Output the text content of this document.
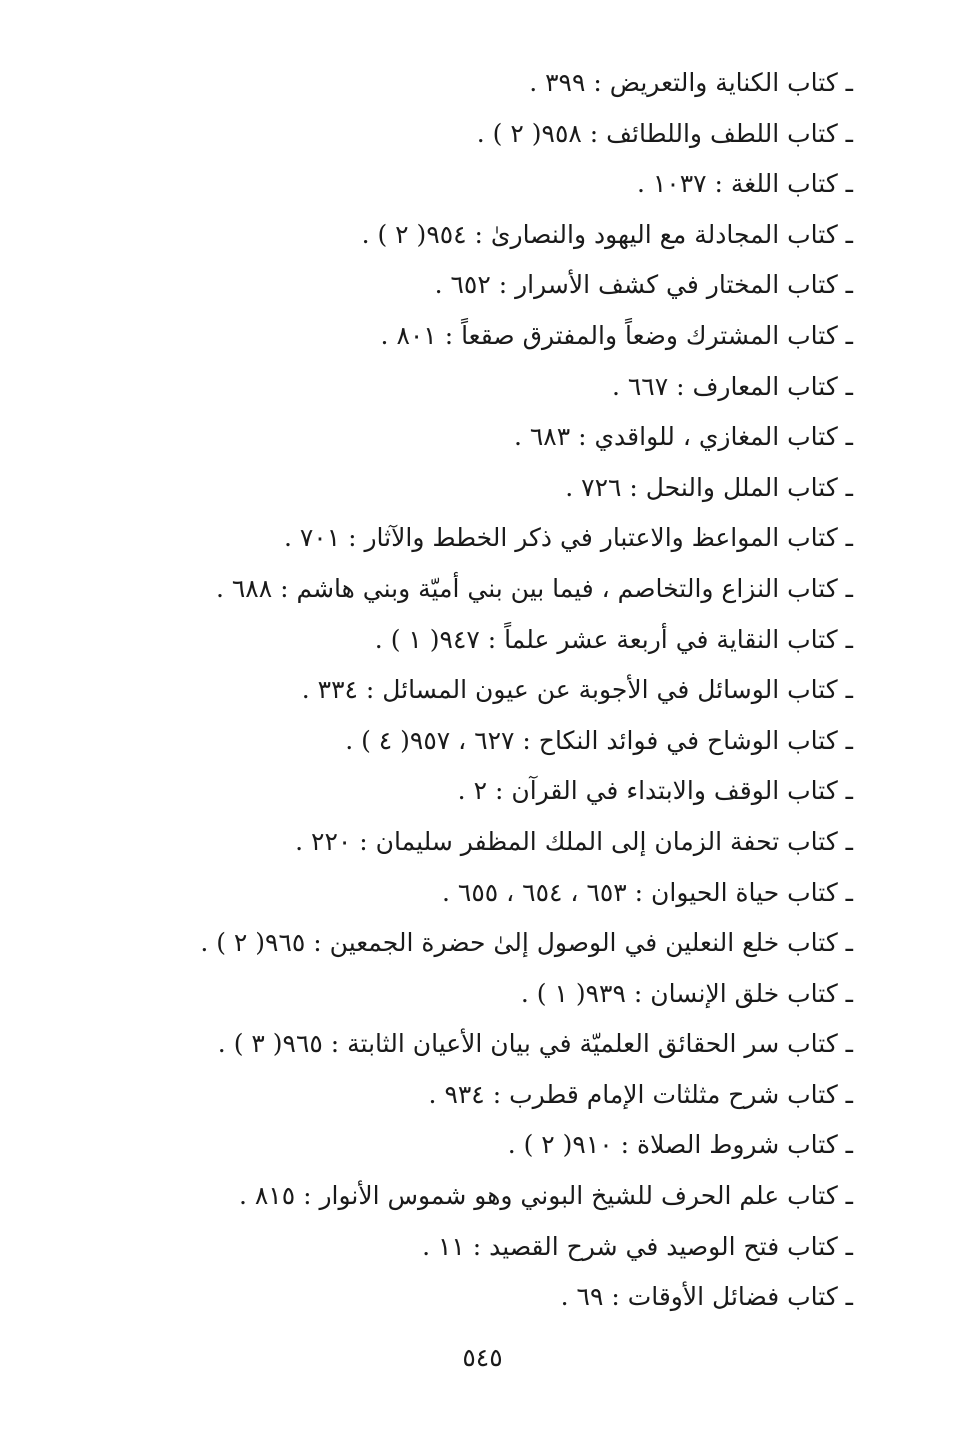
ـ كتاب الكناية والتعريض : ٣٩٩ .
ـ كتاب اللطف واللطائف : ٩٥٨( ٢ ) .
ـ كتاب اللغة : ١٠٣٧ .
ـ كتاب المجادلة مع اليهود والنصارىٰ : ٩٥٤( ٢ ) .
ـ كتاب المختار في كشف الأسرار : ٦٥٢ .
ـ كتاب المشترك وضعاً والمفترق صقعاً : ٨٠١ .
ـ كتاب المعارف : ٦٦٧ .
ـ كتاب المغازي ، للواقدي : ٦٨٣ .
ـ كتاب الملل والنحل : ٧٢٦ .
ـ كتاب المواعظ والاعتبار في ذكر الخطط والآثار : ٧٠١ .
ـ كتاب النزاع والتخاصم ، فيما بين بني أميّة وبني هاشم : ٦٨٨ .
ـ كتاب النقاية في أربعة عشر علماً : ٩٤٧( ١ ) .
ـ كتاب الوسائل في الأجوبة عن عيون المسائل : ٣٣٤ .
ـ كتاب الوشاح في فوائد النكاح : ٦٢٧ ، ٩٥٧( ٤ ) .
ـ كتاب الوقف والابتداء في القرآن : ٢ .
ـ كتاب تحفة الزمان إلى الملك المظفر سليمان : ٢٢٠ .
ـ كتاب حياة الحيوان : ٦٥٣ ، ٦٥٤ ، ٦٥٥ .
ـ كتاب خلع النعلين في الوصول إلىٰ حضرة الجمعين : ٩٦٥( ٢ ) .
ـ كتاب خلق الإنسان : ٩٣٩( ١ ) .
ـ كتاب سر الحقائق العلميّة في بيان الأعيان الثابتة : ٩٦٥( ٣ ) .
ـ كتاب شرح مثلثات الإمام قطرب : ٩٣٤ .
ـ كتاب شروط الصلاة : ٩١٠( ٢ ) .
ـ كتاب علم الحرف للشيخ البوني وهو شموس الأنوار : ٨١٥ .
ـ كتاب فتح الوصيد في شرح القصيد : ١١ .
ـ كتاب فضائل الأوقات : ٦٩ .
٥٤٥
